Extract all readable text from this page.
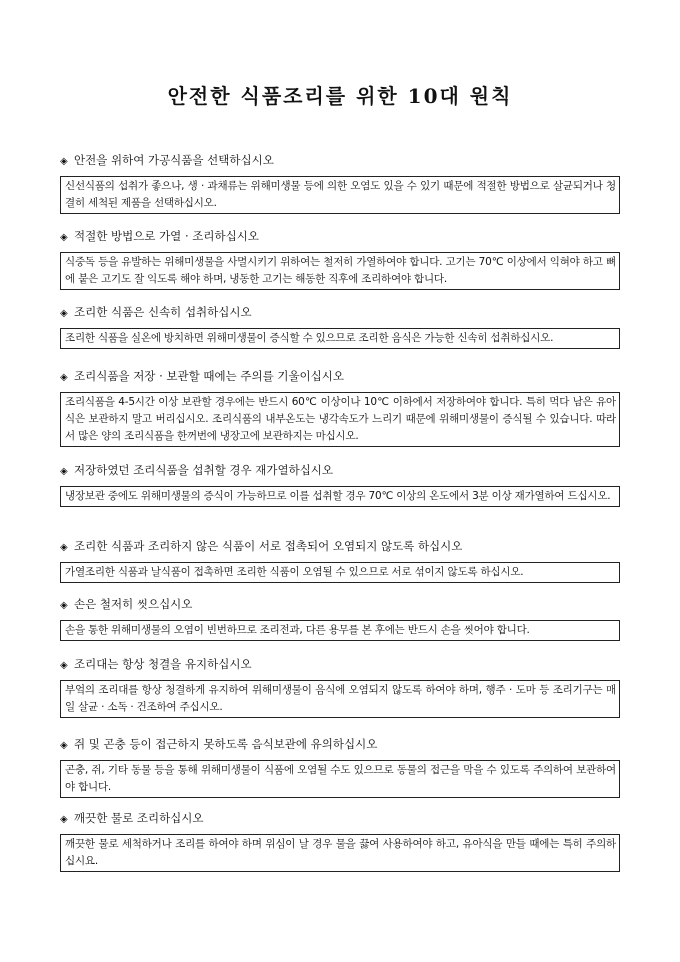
안전한 식품조리를 위한 10대 원칙
◈ 안전을 위하여 가공식품을 선택하십시오
신선식품의 섭취가 좋으나, 생 · 과채류는 위해미생물 등에 의한 오염도 있을 수 있기 때문에 적절한 방법으로 살균되거나 청결히 세척된 제품을 선택하십시오.
◈ 적절한 방법으로 가열 · 조리하십시오
식중독 등을 유발하는 위해미생물을 사멸시키기 위하여는 철저히 가열하여야 합니다. 고기는 70℃ 이상에서 익혀야 하고 뼈에 붙은 고기도 잘 익도록 해야 하며, 냉동한 고기는 해동한 직후에 조리하여야 합니다.
◈ 조리한 식품은 신속히 섭취하십시오
조리한 식품을 실온에 방치하면 위해미생물이 증식할 수 있으므로 조리한 음식은 가능한 신속히 섭취하십시오.
◈ 조리식품을 저장 · 보관할 때에는 주의를 기울이십시오
조리식품을 4-5시간 이상 보관할 경우에는 반드시 60℃ 이상이나 10℃ 이하에서 저장하여야 합니다. 특히 먹다 남은 유아식은 보관하지 말고 버리십시오. 조리식품의 내부온도는 냉각속도가 느리기 때문에 위해미생물이 증식될 수 있습니다. 따라서 많은 양의 조리식품을 한꺼번에 냉장고에 보관하지는 마십시오.
◈ 저장하였던 조리식품을 섭취할 경우 재가열하십시오
냉장보관 중에도 위해미생물의 증식이 가능하므로 이를 섭취할 경우 70℃ 이상의 온도에서 3분 이상 재가열하여 드십시오.
◈ 조리한 식품과 조리하지 않은 식품이 서로 접촉되어 오염되지 않도록 하십시오
가열조리한 식품과 날식품이 접촉하면 조리한 식품이 오염될 수 있으므로 서로 섞이지 않도록 하십시오.
◈ 손은 철저히 씻으십시오
손을 통한 위해미생물의 오염이 빈번하므로 조리전과, 다른 용무를 본 후에는 반드시 손을 씻어야 합니다.
◈ 조리대는 항상 청결을 유지하십시오
부엌의 조리대를 항상 청결하게 유지하여 위해미생물이 음식에 오염되지 않도록 하여야 하며, 행주 · 도마 등 조리기구는 매일 살균 · 소독 · 건조하여 주십시오.
◈ 쥐 및 곤충 등이 접근하지 못하도록 음식보관에 유의하십시오
곤충, 쥐, 기타 동물 등을 통해 위해미생물이 식품에 오염될 수도 있으므로 동물의 접근을 막을 수 있도록 주의하여 보관하여야 합니다.
◈ 깨끗한 물로 조리하십시오
깨끗한 물로 세척하거나 조리를 하여야 하며 위심이 날 경우 물을 끓여 사용하여야 하고, 유아식을 만들 때에는 특히 주의하십시요.
